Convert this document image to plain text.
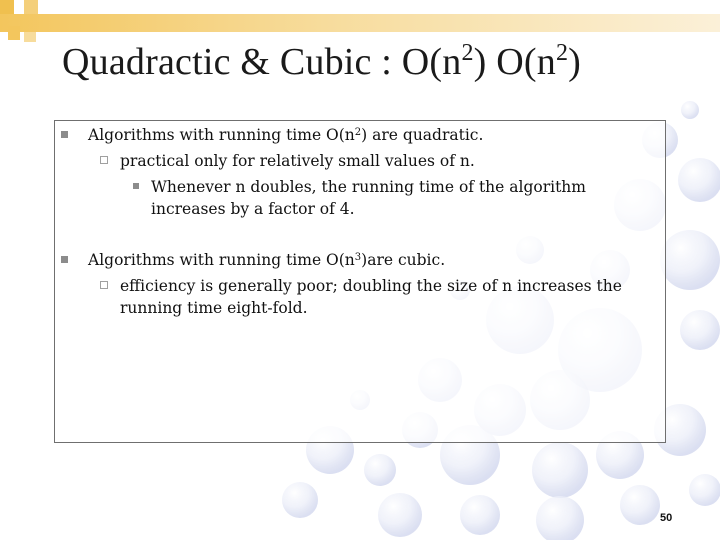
Quadractic & Cubic : $O(n^2)$ $O(n^2)$
Algorithms with running time $O(n^2)$ are quadratic.
practical only for relatively small values of n.
Whenever n doubles, the running time of the algorithm
increases by a factor of 4.
Algorithms with running time $O(n^3)are$ cubic.
efficiency is generally poor; doubling the size of n increases the
running time eight-fold.
50
